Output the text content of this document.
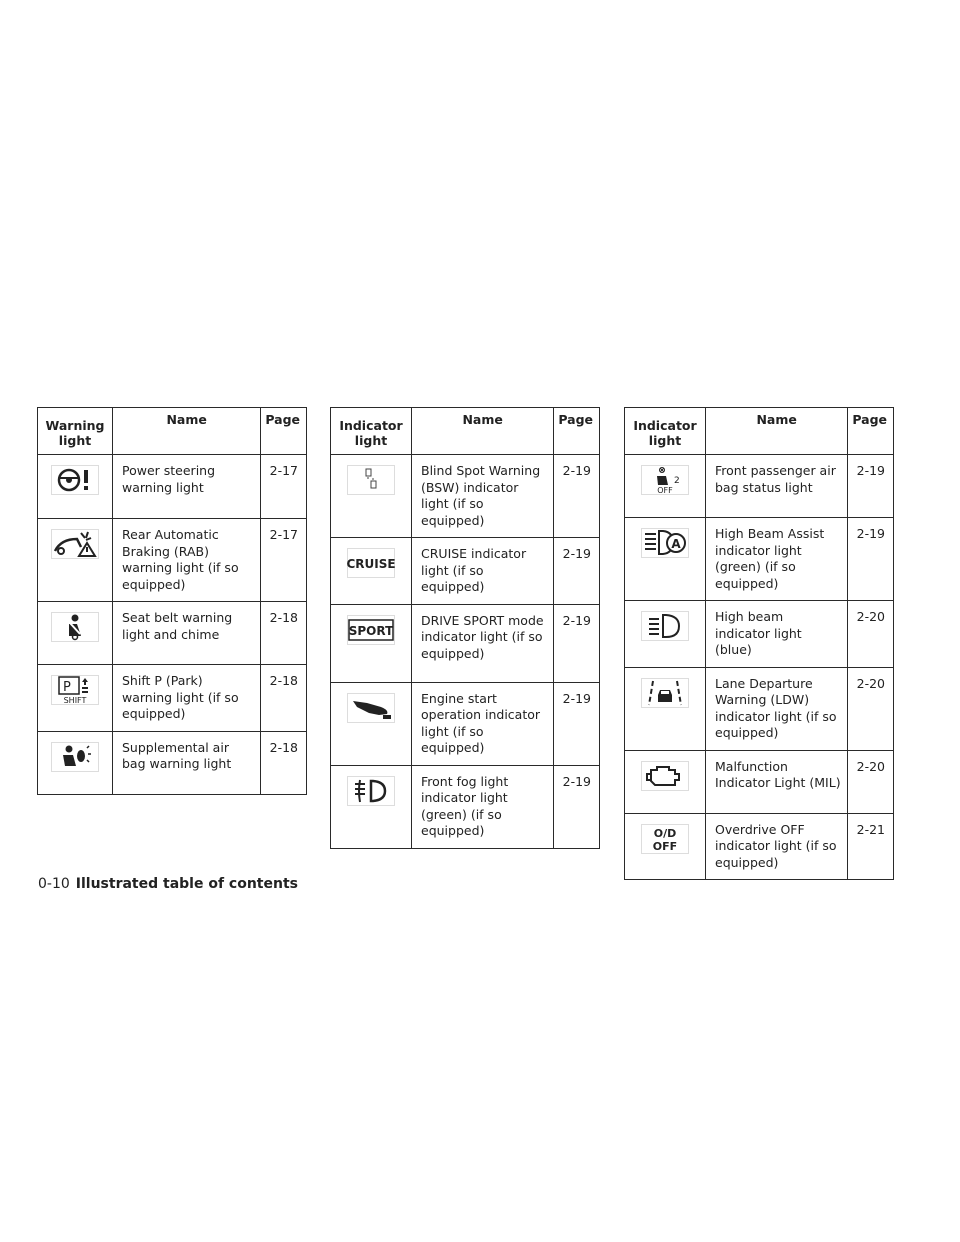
Warning light	Name	Page

	Power steering warning light	2-17

	Rear Automatic Braking (RAB) warning light (if so equipped)	2-17

	Seat belt warning light and chime	2-18

P
SHIFT	Shift P (Park) warning light (if so equipped)	2-18

	Supplemental air bag warning light	2-18
Indicator light	Name	Page

	Blind Spot Warning (BSW) indicator light (if so equipped)	2-19

CRUISE	CRUISE indicator light (if so equipped)	2-19

SPORT	DRIVE SPORT mode indicator light (if so equipped)	2-19

	Engine start operation indicator light (if so equipped)	2-19

	Front fog light indicator light (green) (if so equipped)	2-19
Indicator light	Name	Page

2
OFF	Front passenger air bag status light	2-19

A	High Beam Assist indicator light (green) (if so equipped)	2-19

	High beam indicator light (blue)	2-20

	Lane Departure Warning (LDW) indicator light (if so equipped)	2-20

	Malfunction Indicator Light (MIL)	2-20

O/D
OFF	Overdrive OFF indicator light (if so equipped)	2-21
0-10 Illustrated table of contents
